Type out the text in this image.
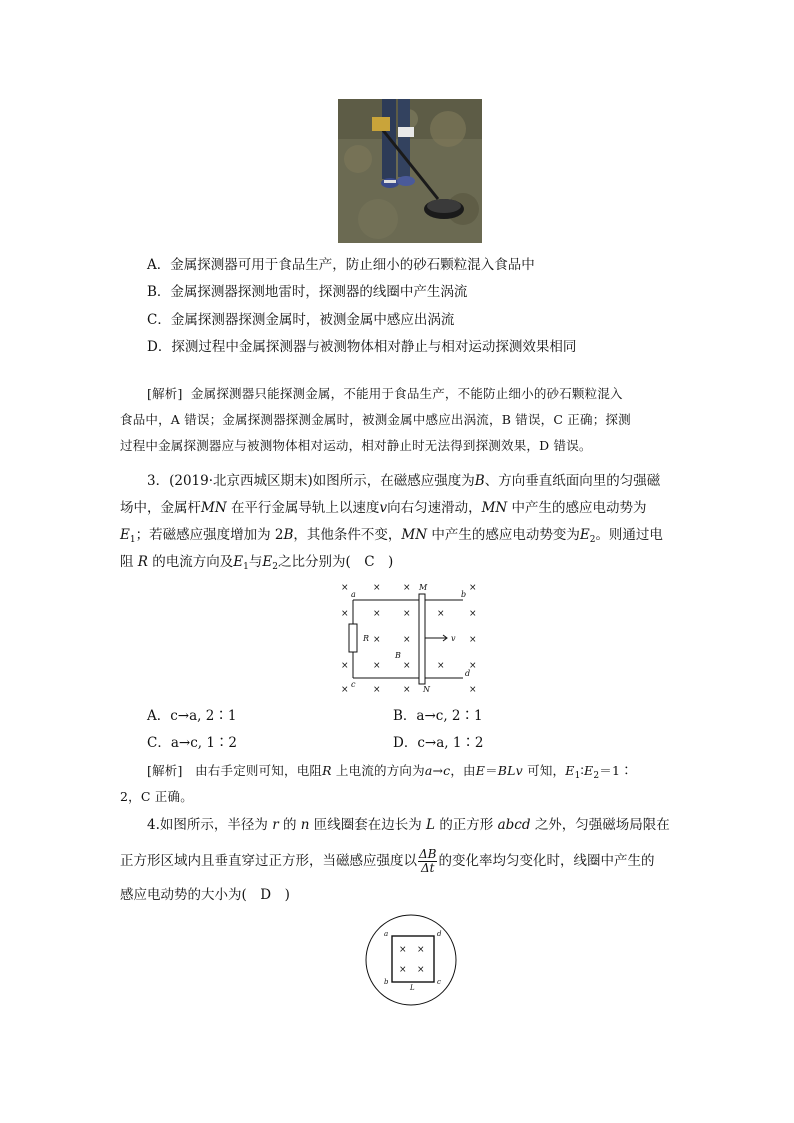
A．金属探测器可用于食品生产，防止细小的砂石颗粒混入食品中
B．金属探测器探测地雷时，探测器的线圈中产生涡流
C．金属探测器探测金属时，被测金属中感应出涡流
D．探测过程中金属探测器与被测物体相对静止与相对运动探测效果相同
[解析] 金属探测器只能探测金属，不能用于食品生产，不能防止细小的砂石颗粒混入
食品中，A 错误；金属探测器探测金属时，被测金属中感应出涡流，B 错误，C 正确；探测
过程中金属探测器应与被测物体相对运动，相对静止时无法得到探测效果，D 错误。
3．(2019·北京西城区期末)如图所示，在磁感应强度为B、方向垂直纸面向里的匀强磁
场中，金属杆MN 在平行金属导轨上以速度v向右匀速滑动，MN 中产生的感应电动势为
$E_1$；若磁感应强度增加为 2B，其他条件不变，MN 中产生的感应电动势变为$E_2$。则通过电
阻 R 的电流方向及$E_1$与$E_2$之比分别为(　C　)
×	× ×	×
×	× ×	×	×
× ×	×
×	× ×	×	×
×	× ×	×
a
M
b
R
B
v
c
N
d
A．c→a, 2∶1	B．a→c, 2∶1
C．a→c, 1∶2	D．c→a, 1∶2
[解析] 由右手定则可知，电阻R 上电流的方向为a→c，由E＝BLv 可知，$E_1∶E_2=1∶$
2，C 正确。
4.如图所示，半径为 r 的 n 匝线圈套在边长为 L 的正方形 abcd 之外，匀强磁场局限在
正方形区域内且垂直穿过正方形，当磁感应强度以 $\frac{\Delta B}{\Delta t}$ 的变化率均匀变化时，线圈中产生的
感应电动势的大小为(　D　)
× ×
× ×
a	d
b	c
L
